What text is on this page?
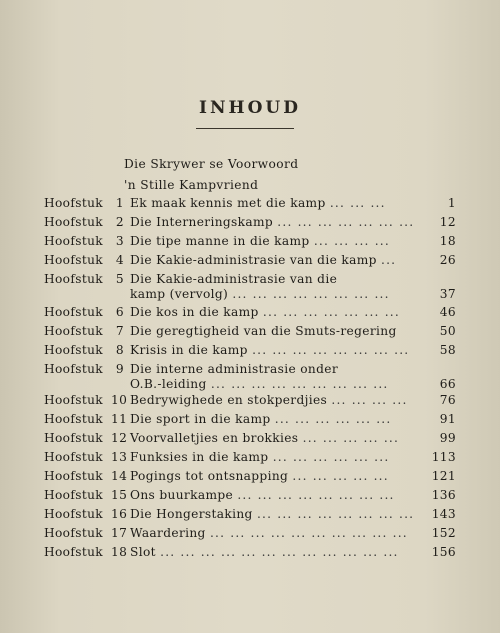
INHOUD
Die Skrywer se Voorwoord
'n Stille Kampvriend
Hoofstuk	1 Ek maak kennis met die kamp ... ... ...	1
Hoofstuk	2 Die Interneringskamp ... ... ... ... ... ... ...	12
Hoofstuk	3 Die tipe manne in die kamp ... ... ... ...	18
Hoofstuk	4 Die Kakie-administrasie van die kamp ...	26
Hoofstuk	5 Die Kakie-administrasie van die
kamp (vervolg) ... ... ... ... ... ... ... ...	37
Hoofstuk	6 Die kos in die kamp ... ... ... ... ... ... ...	46
Hoofstuk	7 Die geregtigheid van die Smuts-regering	50
Hoofstuk	8 Krisis in die kamp ... ... ... ... ... ... ... ...	58
Hoofstuk	9 Die interne administrasie onder
O.B.-leiding ... ... ... ... ... ... ... ... ...	66
Hoofstuk 10 Bedrywighede en stokperdjies ... ... ... ...	76
Hoofstuk 11 Die sport in die kamp ... ... ... ... ... ...	91
Hoofstuk 12 Voorvalletjies en brokkies ... ... ... ... ...	99
Hoofstuk 13 Funksies in die kamp ... ... ... ... ... ...	113
Hoofstuk 14 Pogings tot ontsnapping ... ... ... ... ...	121
Hoofstuk 15 Ons buurkampe ... ... ... ... ... ... ... ...	136
Hoofstuk 16 Die Hongerstaking ... ... ... ... ... ... ... ...	143
Hoofstuk 17 Waardering ... ... ... ... ... ... ... ... ... ...	152
Hoofstuk 18 Slot ... ... ... ... ... ... ... ... ... ... ... ...	156
